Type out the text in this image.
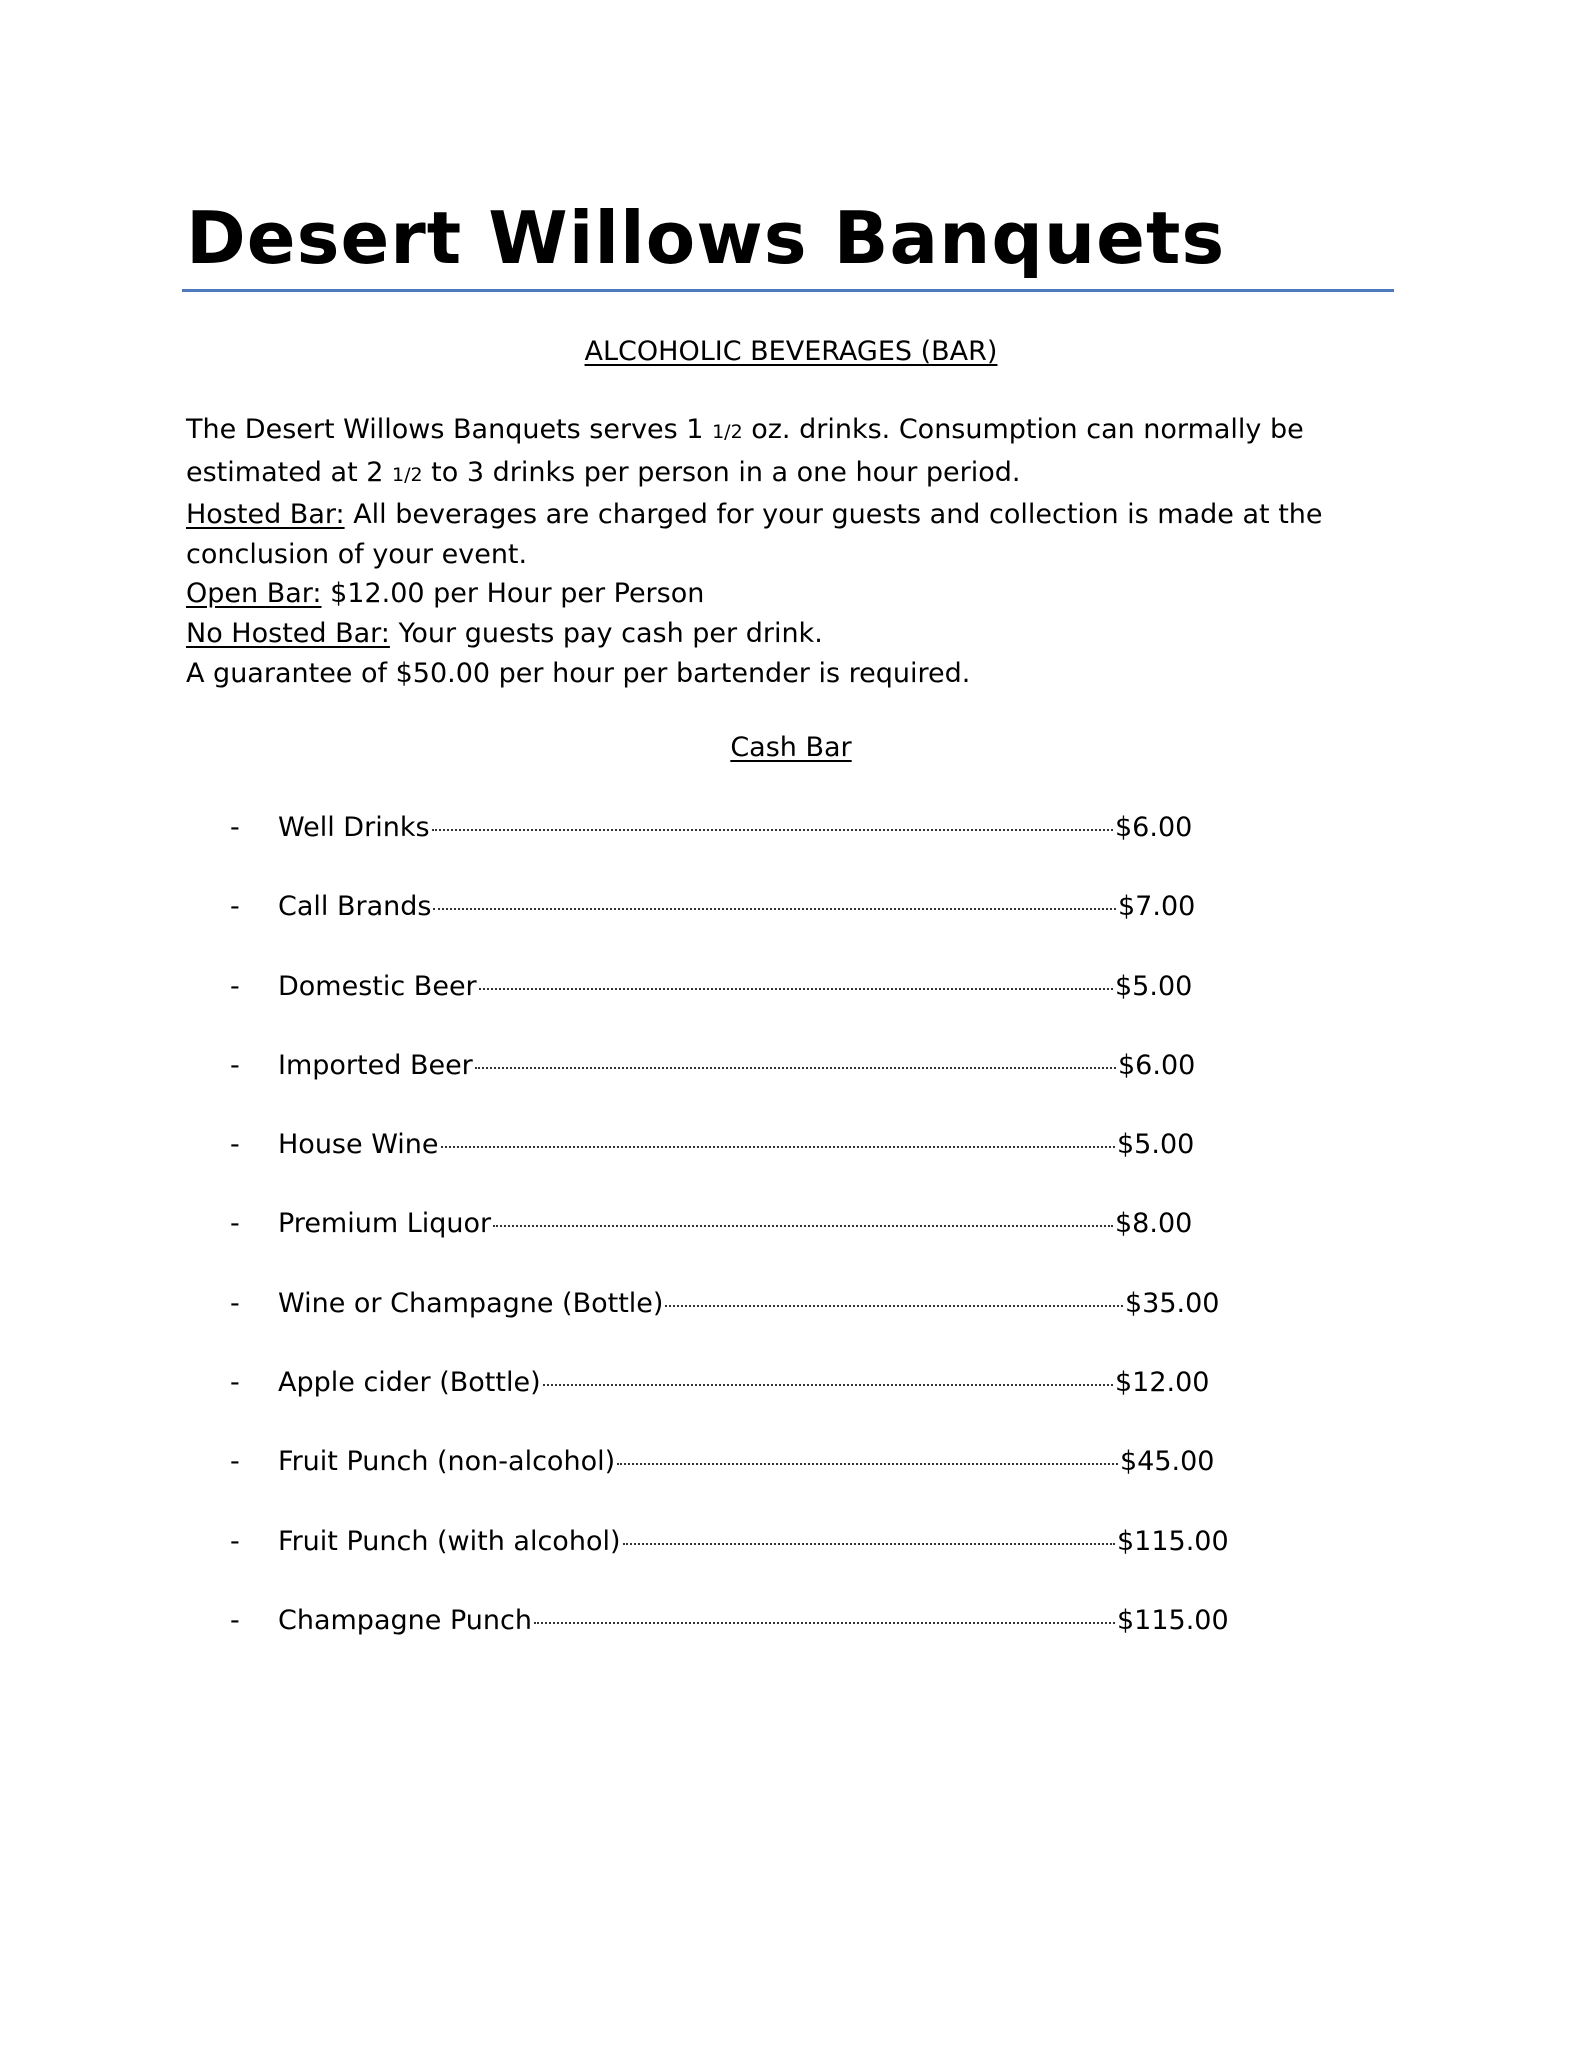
Desert Willows Banquets
ALCOHOLIC BEVERAGES (BAR)

The Desert Willows Banquets serves 1 1/2 oz. drinks. Consumption can normally be

estimated at 2 1/2 to 3 drinks per person in a one hour period.

Hosted Bar: All beverages are charged for your guests and collection is made at the

conclusion of your event.

Open Bar: $12.00 per Hour per Person

No Hosted Bar: Your guests pay cash per drink.

A guarantee of $50.00 per hour per bartender is required.

Cash Bar
- Well Drinks	$6.00
- Call Brands	$7.00
- Domestic Beer	$5.00
- Imported Beer	$6.00
- House Wine	$5.00
- Premium Liquor	$8.00
- Wine or Champagne (Bottle)	$35.00
- Apple cider (Bottle)	$12.00
- Fruit Punch (non-alcohol)	$45.00
- Fruit Punch (with alcohol)	$115.00
- Champagne Punch	$115.00
